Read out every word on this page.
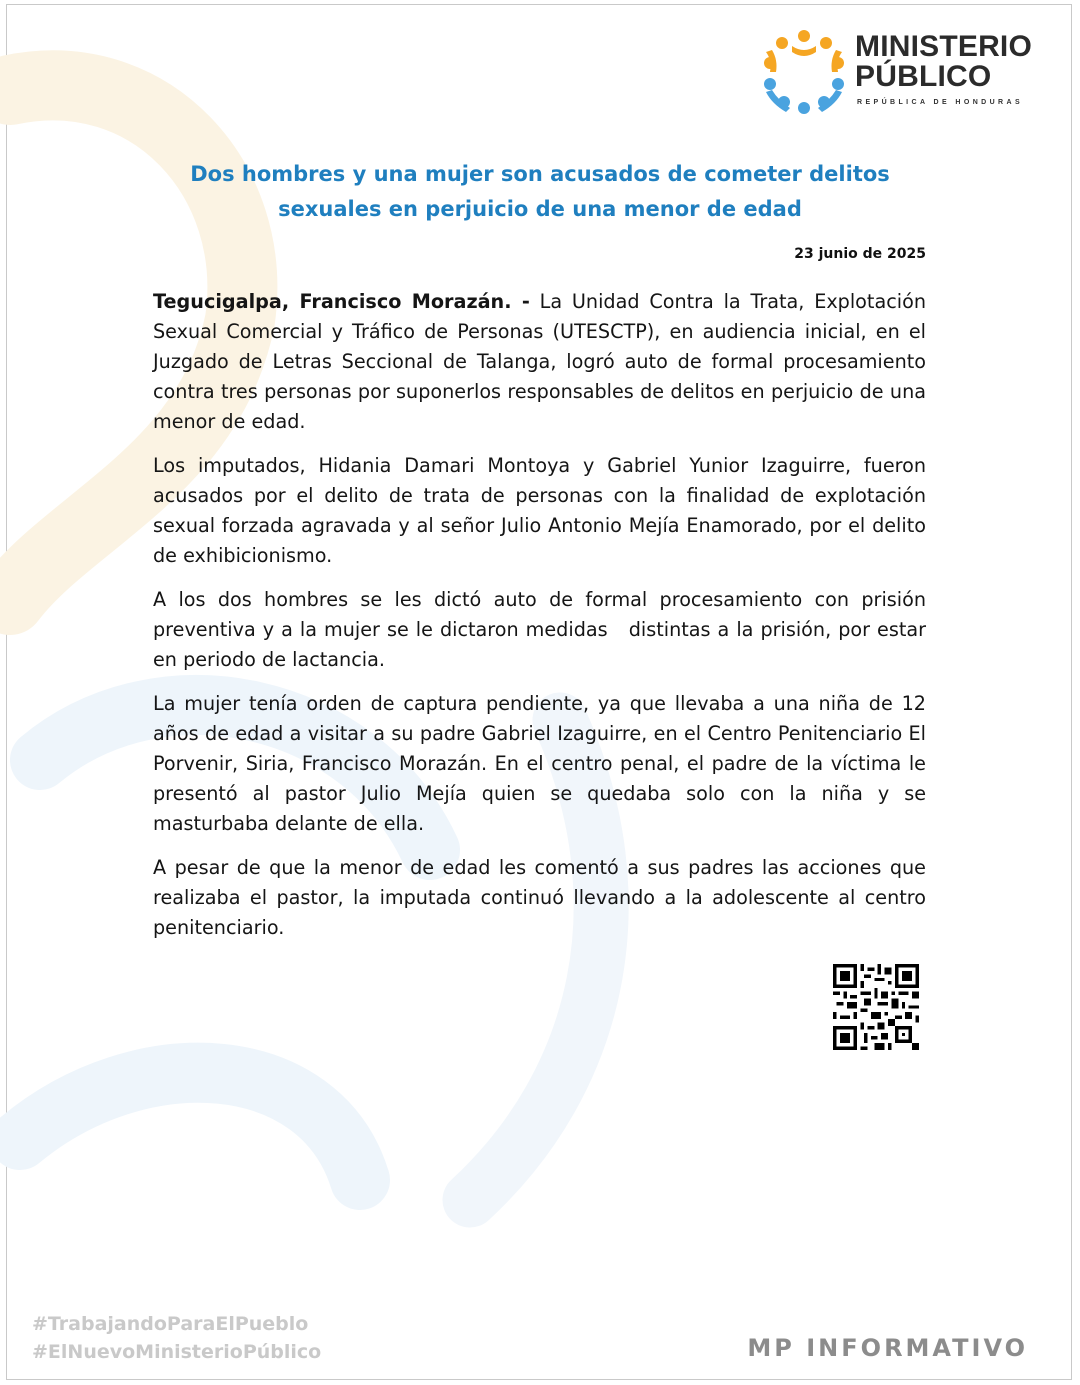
MINISTERIO
PÚBLICO
REPÚBLICA DE HONDURAS
Dos hombres y una mujer son acusados de cometer delitos
sexuales en perjuicio de una menor de edad
23 junio de 2025

Tegucigalpa, Francisco Morazán. - La Unidad Contra la Trata, Explotación Sexual Comercial y Tráfico de Personas (UTESCTP), en audiencia inicial, en el Juzgado de Letras Seccional de Talanga, logró auto de formal procesamiento contra tres personas por suponerlos responsables de delitos en perjuicio de una menor de edad.

Los imputados, Hidania Damari Montoya y Gabriel Yunior Izaguirre, fueron acusados por el delito de trata de personas con la finalidad de explotación sexual forzada agravada y al señor Julio Antonio Mejía Enamorado, por el delito de exhibicionismo.

A los dos hombres se les dictó auto de formal procesamiento con prisión preventiva y a la mujer se le dictaron medidas   distintas a la prisión, por estar en periodo de lactancia.

La mujer tenía orden de captura pendiente, ya que llevaba a una niña de 12 años de edad a visitar a su padre Gabriel Izaguirre, en el Centro Penitenciario El Porvenir, Siria, Francisco Morazán. En el centro penal, el padre de la víctima le presentó al pastor Julio Mejía quien se quedaba solo con la niña y se masturbaba delante de ella.

A pesar de que la menor de edad les comentó a sus padres las acciones que realizaba el pastor, la imputada continuó llevando a la adolescente al centro penitenciario.

#TrabajandoParaElPueblo
#ElNuevoMinisterioPúblico	MP INFORMATIVO
